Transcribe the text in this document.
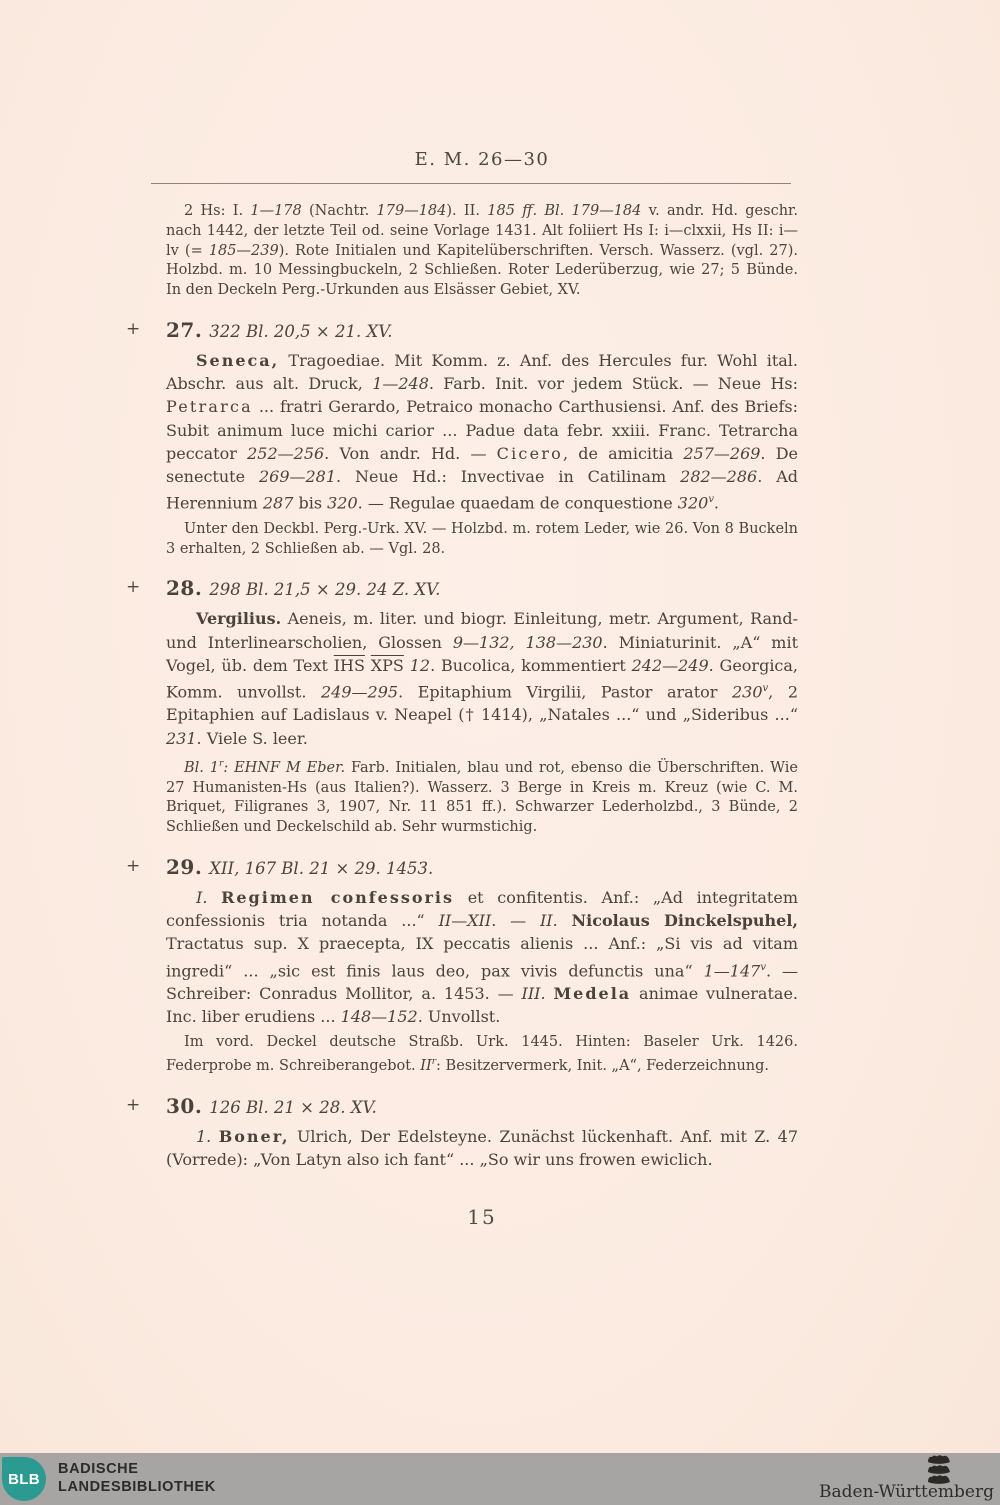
E. M. 26—30

2 Hs: I. 1—178 (Nachtr. 179—184). II. 185 ff. Bl. 179—184 v. andr. Hd. geschr. nach 1442, der letzte Teil od. seine Vorlage 1431. Alt foliiert Hs I: i—clxxii, Hs II: i—lv (= 185—239). Rote Initialen und Kapitelüberschriften. Versch. Wasserz. (vgl. 27). Holzbd. m. 10 Messingbuckeln, 2 Schließen. Roter Lederüberzug, wie 27; 5 Bünde. In den Deckeln Perg.-Urkunden aus Elsässer Gebiet, XV.

+ 27. 322 Bl. 20,5 × 21. XV.

Seneca, Tragoediae. Mit Komm. z. Anf. des Hercules fur. Wohl ital. Abschr. aus alt. Druck, 1—248. Farb. Init. vor jedem Stück. — Neue Hs: Petrarca ... fratri Gerardo, Petraico monacho Carthusiensi. Anf. des Briefs: Subit animum luce michi carior ... Padue data febr. xxiii. Franc. Tetrarcha peccator 252—256. Von andr. Hd. — Cicero, de amicitia 257—269. De senectute 269—281. Neue Hd.: Invectivae in Catilinam 282—286. Ad Herennium 287 bis 320. — Regulae quaedam de conquestione 320$^v$.

Unter den Deckbl. Perg.-Urk. XV. — Holzbd. m. rotem Leder, wie 26. Von 8 Buckeln 3 erhalten, 2 Schließen ab. — Vgl. 28.

+ 28. 298 Bl. 21,5 × 29. 24 Z. XV.

Vergilius. Aeneis, m. liter. und biogr. Einleitung, metr. Argument, Rand- und Interlinearscholien, Glossen 9—132, 138—230. Miniaturinit. „A“ mit Vogel, üb. dem Text $\overline{IHS}$ $\overline{XPS}$ 12. Bucolica, kommentiert 242—249. Georgica, Komm. unvollst. 249—295. Epitaphium Virgilii, Pastor arator 230$^v$, 2 Epitaphien auf Ladislaus v. Neapel († 1414), „Natales ...“ und „Sideribus ...“ 231. Viele S. leer.

Bl. 1$^r$: EHNF M Eber. Farb. Initialen, blau und rot, ebenso die Überschriften. Wie 27 Humanisten-Hs (aus Italien?). Wasserz. 3 Berge in Kreis m. Kreuz (wie C. M. Briquet, Filigranes 3, 1907, Nr. 11 851 ff.). Schwarzer Lederholzbd., 3 Bünde, 2 Schließen und Deckelschild ab. Sehr wurmstichig.

+ 29. XII, 167 Bl. 21 × 29. 1453.

I. Regimen confessoris et confitentis. Anf.: „Ad integritatem confessionis tria notanda ...“ II—XII. — II. Nicolaus Dinckelspuhel, Tractatus sup. X praecepta, IX peccatis alienis ... Anf.: „Si vis ad vitam ingredi“ ... „sic est finis laus deo, pax vivis defunctis una“ 1—147$^v$. — Schreiber: Conradus Mollitor, a. 1453. — III. Medela animae vulneratae. Inc. liber erudiens ... 148—152. Unvollst.

Im vord. Deckel deutsche Straßb. Urk. 1445. Hinten: Baseler Urk. 1426. Federprobe m. Schreiberangebot. $II^r$: Besitzervermerk, Init. „A“, Federzeichnung.

+ 30. 126 Bl. 21 × 28. XV.

1. Boner, Ulrich, Der Edelsteyne. Zunächst lückenhaft. Anf. mit Z. 47 (Vorrede): „Von Latyn also ich fant“ ... „So wir uns frowen ewiclich.

15
BLB
BADISCHE
LANDESBIBLIOTHEK	Baden-Württemberg
